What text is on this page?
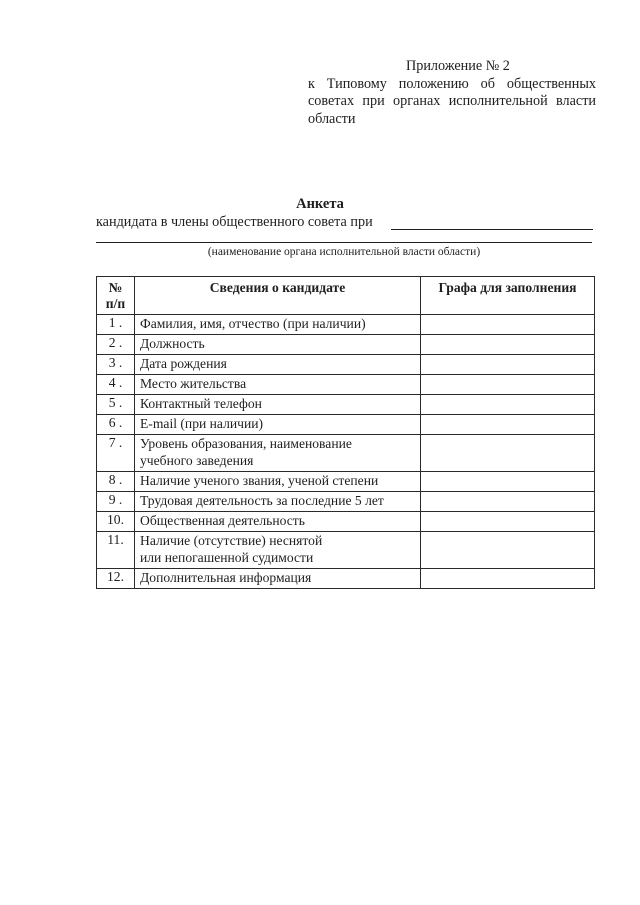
Приложение № 2
к Типовому положению об общественных
советах при органах исполнительной власти
области
Анкета
кандидата в члены общественного совета при
(наименование органа исполнительной власти области)
№
п/п	Сведения о кандидате	Графа для заполнения
1 .	Фамилия, имя, отчество (при наличии)	
2 .	Должность	
3 .	Дата рождения	
4 .	Место жительства	
5 .	Контактный телефон	
6 .	E-mail (при наличии)	
7 .	Уровень образования, наименование
учебного заведения	

8 .	Наличие ученого звания, ученой степени	
9 .	Трудовая деятельность за последние 5 лет	
10.	Общественная деятельность	
11.	Наличие (отсутствие) неснятой
или непогашенной судимости	

12.	Дополнительная информация	
